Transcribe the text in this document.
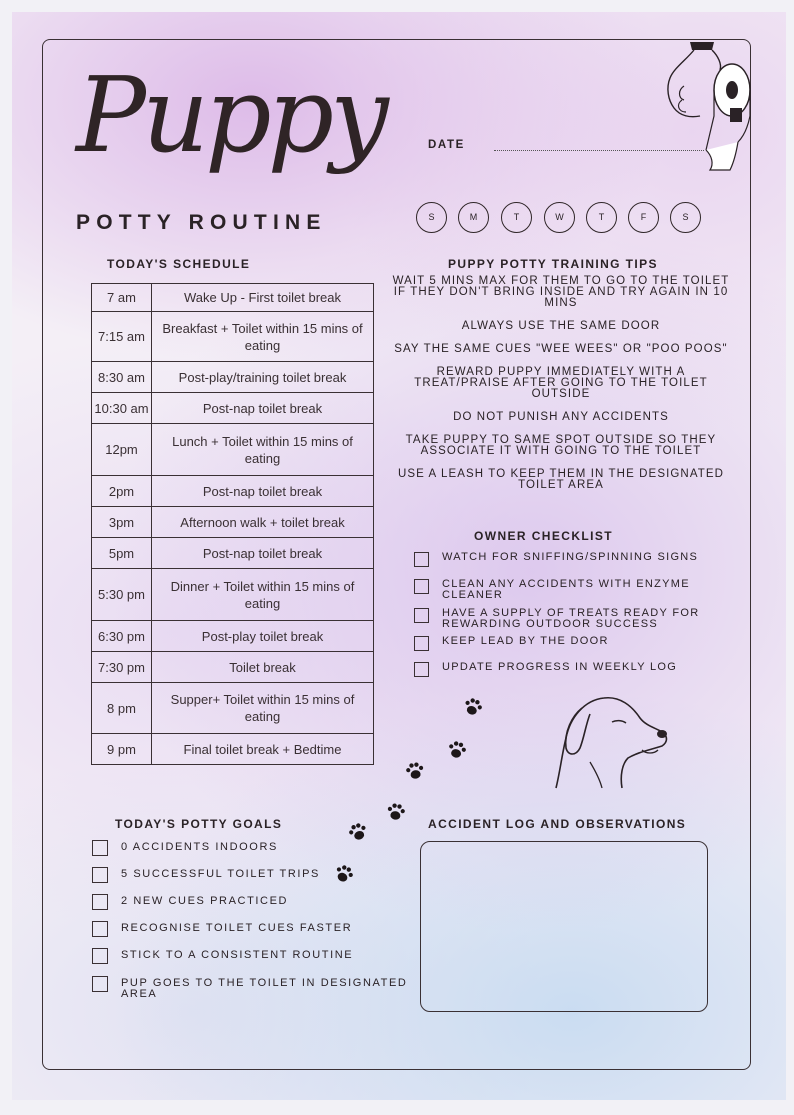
Puppy
POTTY ROUTINE
DATE
S	M	T	W	T	F	S
TODAY'S SCHEDULE
7 am	Wake Up - First toilet break
7:15 am	Breakfast + Toilet within 15 mins of eating
8:30 am	Post-play/training toilet break
10:30 am	Post-nap toilet break
12pm	Lunch + Toilet within 15 mins of eating
2pm	Post-nap toilet break
3pm	Afternoon walk + toilet break
5pm	Post-nap toilet break
5:30 pm	Dinner + Toilet within 15 mins of eating
6:30 pm	Post-play toilet break
7:30 pm	Toilet break
8 pm	Supper+ Toilet within 15 mins of eating
9 pm	Final toilet break + Bedtime
PUPPY POTTY TRAINING TIPS
WAIT 5 MINS MAX FOR THEM TO GO TO THE TOILET IF THEY DON'T BRING INSIDE AND TRY AGAIN IN 10 MINS
ALWAYS USE THE SAME DOOR
SAY THE SAME CUES "WEE WEES" OR "POO POOS"
REWARD PUPPY IMMEDIATELY WITH A TREAT/PRAISE AFTER GOING TO THE TOILET OUTSIDE
DO NOT PUNISH ANY ACCIDENTS
TAKE PUPPY TO SAME SPOT OUTSIDE SO THEY ASSOCIATE IT WITH GOING TO THE TOILET
USE A LEASH TO KEEP THEM IN THE DESIGNATED TOILET AREA
OWNER CHECKLIST
WATCH FOR SNIFFING/SPINNING SIGNS
CLEAN ANY ACCIDENTS WITH ENZYME CLEANER
HAVE A SUPPLY OF TREATS READY FOR REWARDING OUTDOOR SUCCESS
KEEP LEAD BY THE DOOR
UPDATE PROGRESS IN WEEKLY LOG
TODAY'S POTTY GOALS
0 ACCIDENTS INDOORS
5 SUCCESSFUL TOILET TRIPS
2 NEW CUES PRACTICED
RECOGNISE TOILET CUES FASTER
STICK TO A CONSISTENT ROUTINE
PUP GOES TO THE TOILET IN DESIGNATED AREA
ACCIDENT LOG AND OBSERVATIONS
